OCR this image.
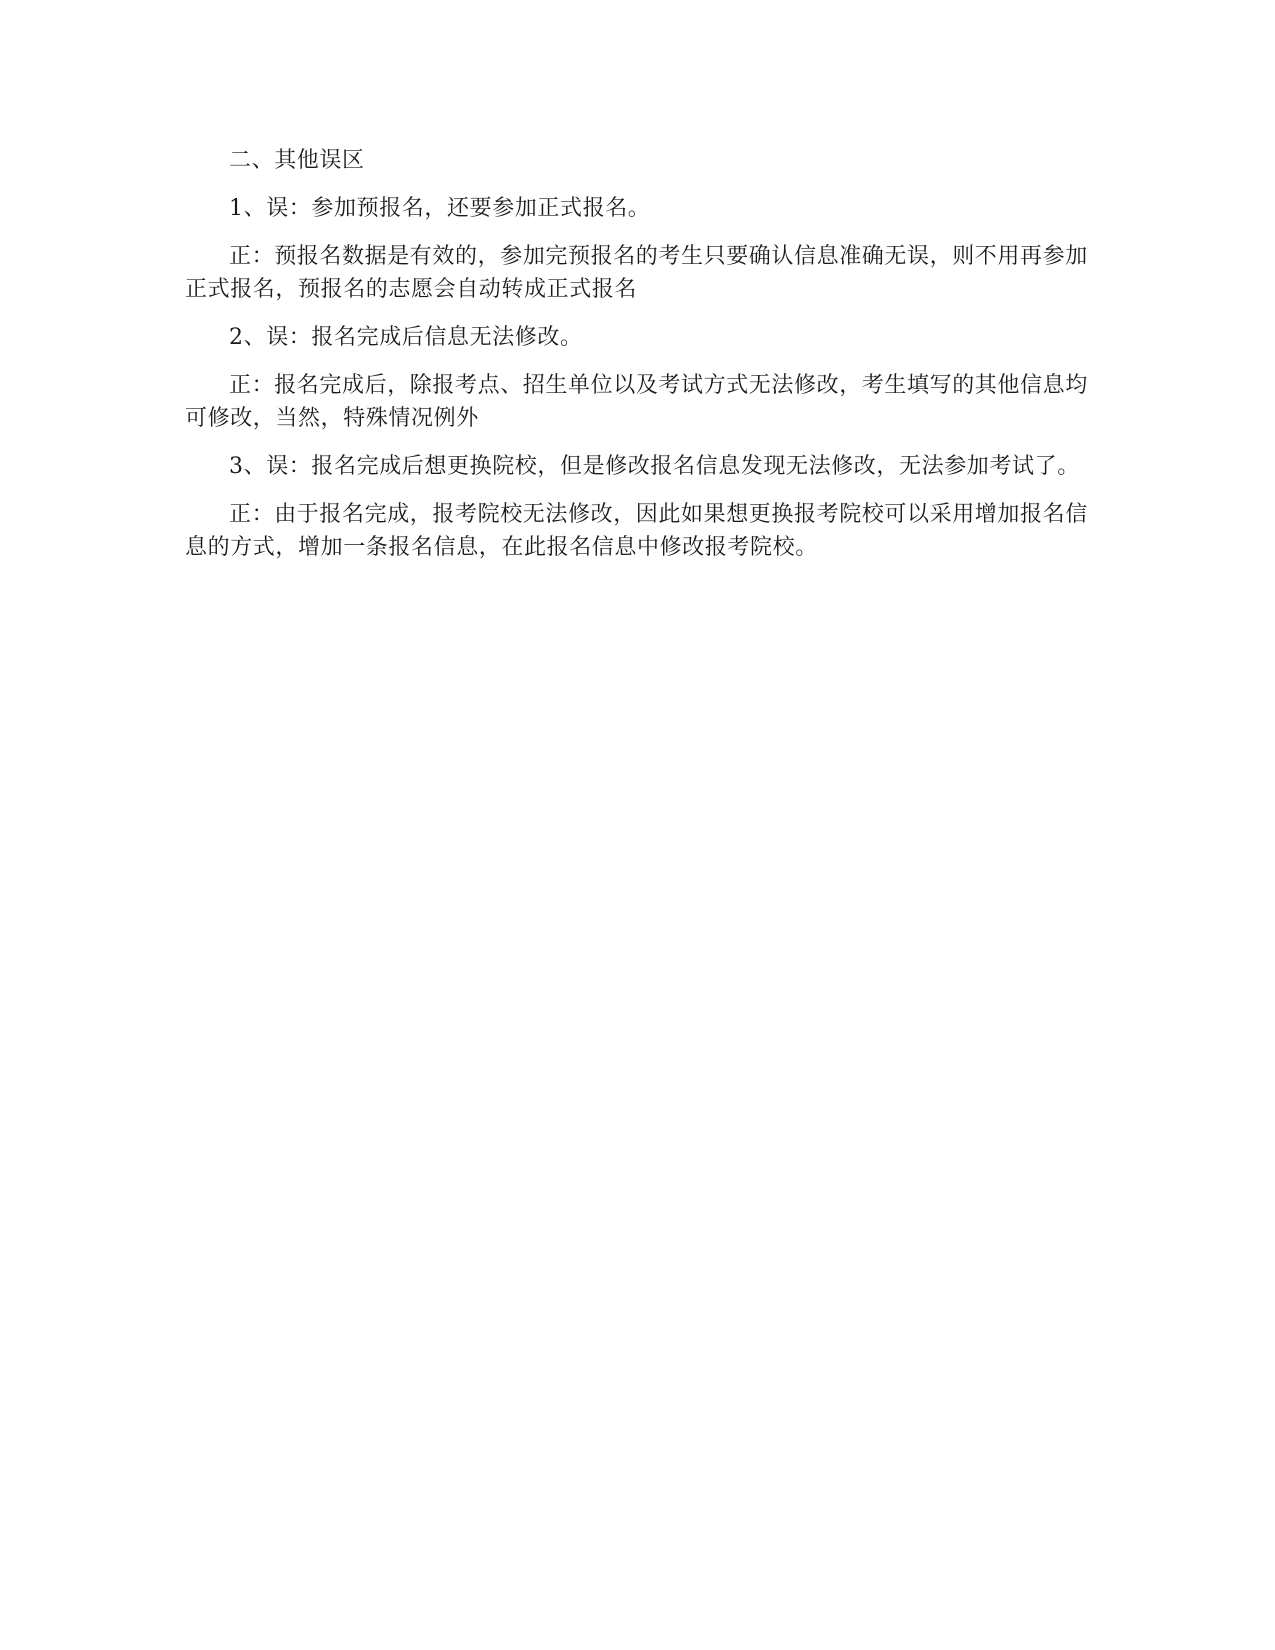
二、其他误区

1、误：参加预报名，还要参加正式报名。

正：预报名数据是有效的，参加完预报名的考生只要确认信息准确无误，则不用再参加正式报名，预报名的志愿会自动转成正式报名

2、误：报名完成后信息无法修改。

正：报名完成后，除报考点、招生单位以及考试方式无法修改，考生填写的其他信息均可修改，当然，特殊情况例外

3、误：报名完成后想更换院校，但是修改报名信息发现无法修改，无法参加考试了。

正：由于报名完成，报考院校无法修改，因此如果想更换报考院校可以采用增加报名信息的方式，增加一条报名信息，在此报名信息中修改报考院校。
